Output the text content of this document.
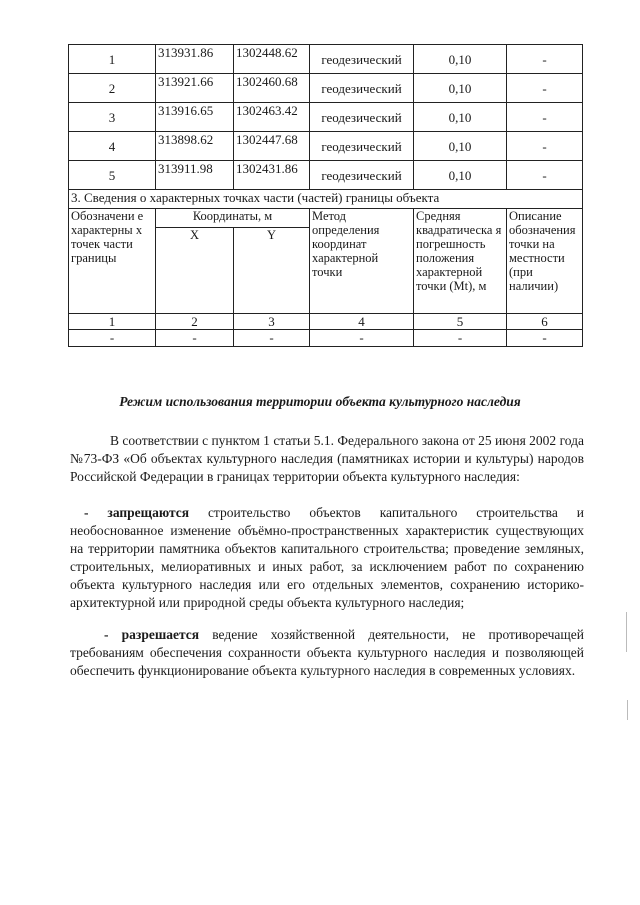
1	313931.86	1302448.62	геодезический	0,10	-
2	313921.66	1302460.68	геодезический	0,10	-
3	313916.65	1302463.42	геодезический	0,10	-
4	313898.62	1302447.68	геодезический	0,10	-
5	313911.98	1302431.86	геодезический	0,10	-
3. Сведения о характерных точках части (частей) границы объекта					
Обозначени е характерны х точек части границы	Координаты, м		Метод определения координат характерной точки	Средняя квадратическа я погрешность положения характерной точки (Mt), м	Описание обозначения точки на местности (при наличии)
	X	Y			
1	2	3	4	5	6
-	-	-	-	-	-
Режим использования территории объекта культурного наследия
В соответствии с пунктом 1 статьи 5.1. Федерального закона от 25 июня 2002 года №73-ФЗ «Об объектах культурного наследия (памятниках истории и культуры) народов Российской Федерации в границах территории объекта культурного наследия:
- запрещаются строительство объектов капитального строительства и необоснованное изменение объёмно-пространственных характеристик существующих на территории памятника объектов капитального строительства; проведение земляных, строительных, мелиоративных и иных работ, за исключением работ по сохранению объекта культурного наследия или его отдельных элементов, сохранению историко-архитектурной или природной среды объекта культурного наследия;
- разрешается ведение хозяйственной деятельности, не противоречащей требованиям обеспечения сохранности объекта культурного наследия и позволяющей обеспечить функционирование объекта культурного наследия в современных условиях.
